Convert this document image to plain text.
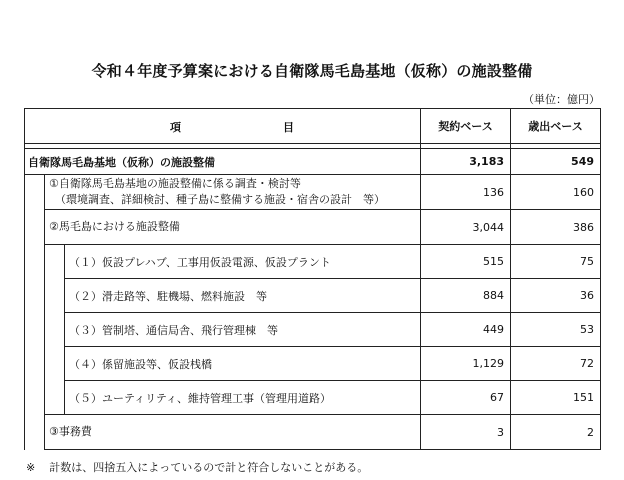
令和４年度予算案における自衛隊馬毛島基地（仮称）の施設整備
（単位：億円）
項 目			契約ベース	歳出ベース

自衛隊馬毛島基地（仮称）の施設整備			3,183	549

	①自衛隊馬毛島基地の施設整備に係る調査・検討等
（環境調査、詳細検討、種子島に整備する施設・宿舎の設計　等）		136	160
	②馬毛島における施設整備		3,044	386
		（１）仮設プレハブ、工事用仮設電源、仮設プラント	515	75
		（２）滑走路等、駐機場、燃料施設　等	884	36
		（３）管制塔、通信局舎、飛行管理棟　等	449	53
		（４）係留施設等、仮設桟橋	1,129	72
		（５）ユーティリティ、維持管理工事（管理用道路）	67	151
	③事務費		3	2
※ 計数は、四捨五入によっているので計と符合しないことがある。
